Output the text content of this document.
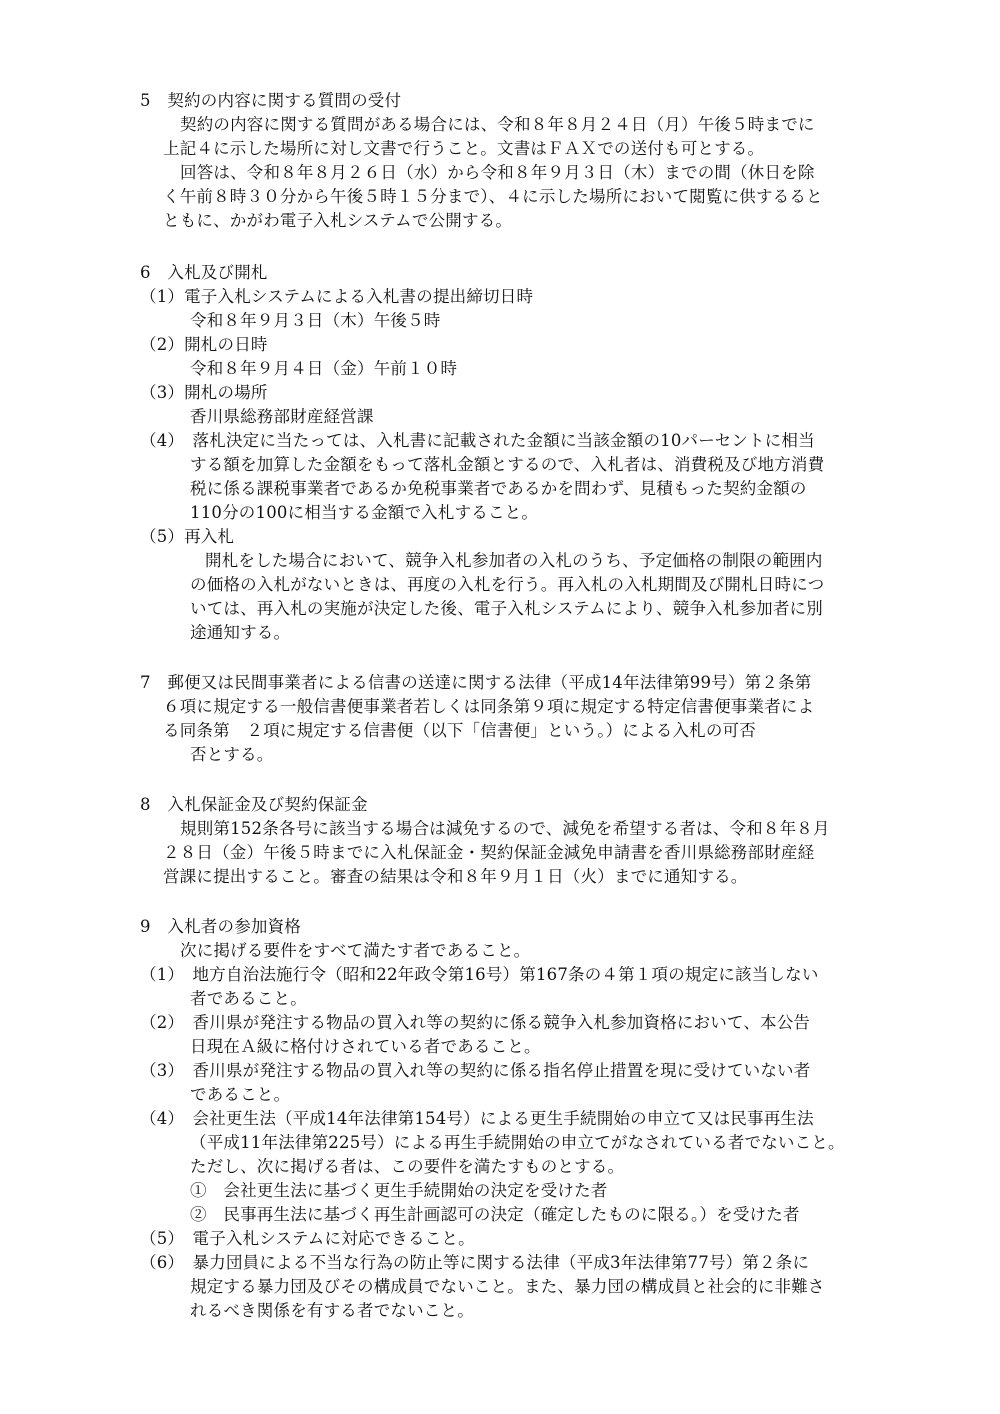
5　契約の内容に関する質問の受付
契約の内容に関する質問がある場合には、令和８年８月２４日（月）午後５時までに
上記４に示した場所に対し文書で行うこと。文書はＦＡＸでの送付も可とする。
回答は、令和８年８月２６日（水）から令和８年９月３日（木）までの間（休日を除
く午前８時３０分から午後５時１５分まで）、４に示した場所において閲覧に供するると
ともに、かがわ電子入札システムで公開する。
6　入札及び開札
（1）電子入札システムによる入札書の提出締切日時
令和８年９月３日（木）午後５時
（2）開札の日時
令和８年９月４日（金）午前１０時
（3）開札の場所
香川県総務部財産経営課
（4）　落札決定に当たっては、入札書に記載された金額に当該金額の10パーセントに相当
する額を加算した金額をもって落札金額とするので、入札者は、消費税及び地方消費
税に係る課税事業者であるか免税事業者であるかを問わず、見積もった契約金額の
110分の100に相当する金額で入札すること。
（5）再入札
開札をした場合において、競争入札参加者の入札のうち、予定価格の制限の範囲内
の価格の入札がないときは、再度の入札を行う。再入札の入札期間及び開札日時につ
いては、再入札の実施が決定した後、電子入札システムにより、競争入札参加者に別
途通知する。
7　郵便又は民間事業者による信書の送達に関する法律（平成14年法律第99号）第２条第
６項に規定する一般信書便事業者若しくは同条第９項に規定する特定信書便事業者によ
る同条第　２項に規定する信書便（以下「信書便」という。）による入札の可否
否とする。
8　入札保証金及び契約保証金
規則第152条各号に該当する場合は減免するので、減免を希望する者は、令和８年８月
２８日（金）午後５時までに入札保証金・契約保証金減免申請書を香川県総務部財産経
営課に提出すること。審査の結果は令和８年９月１日（火）までに通知する。
9　入札者の参加資格
次に掲げる要件をすべて満たす者であること。
（1）　地方自治法施行令（昭和22年政令第16号）第167条の４第１項の規定に該当しない
者であること。
（2）　香川県が発注する物品の買入れ等の契約に係る競争入札参加資格において、本公告
日現在Ａ級に格付けされている者であること。
（3）　香川県が発注する物品の買入れ等の契約に係る指名停止措置を現に受けていない者
であること。
（4）　会社更生法（平成14年法律第154号）による更生手続開始の申立て又は民事再生法
（平成11年法律第225号）による再生手続開始の申立てがなされている者でないこと。
ただし、次に掲げる者は、この要件を満たすものとする。
①　会社更生法に基づく更生手続開始の決定を受けた者
②　民事再生法に基づく再生計画認可の決定（確定したものに限る。）を受けた者
（5）　電子入札システムに対応できること。
（6）　暴力団員による不当な行為の防止等に関する法律（平成3年法律第77号）第２条に
規定する暴力団及びその構成員でないこと。また、暴力団の構成員と社会的に非難さ
れるべき関係を有する者でないこと。
